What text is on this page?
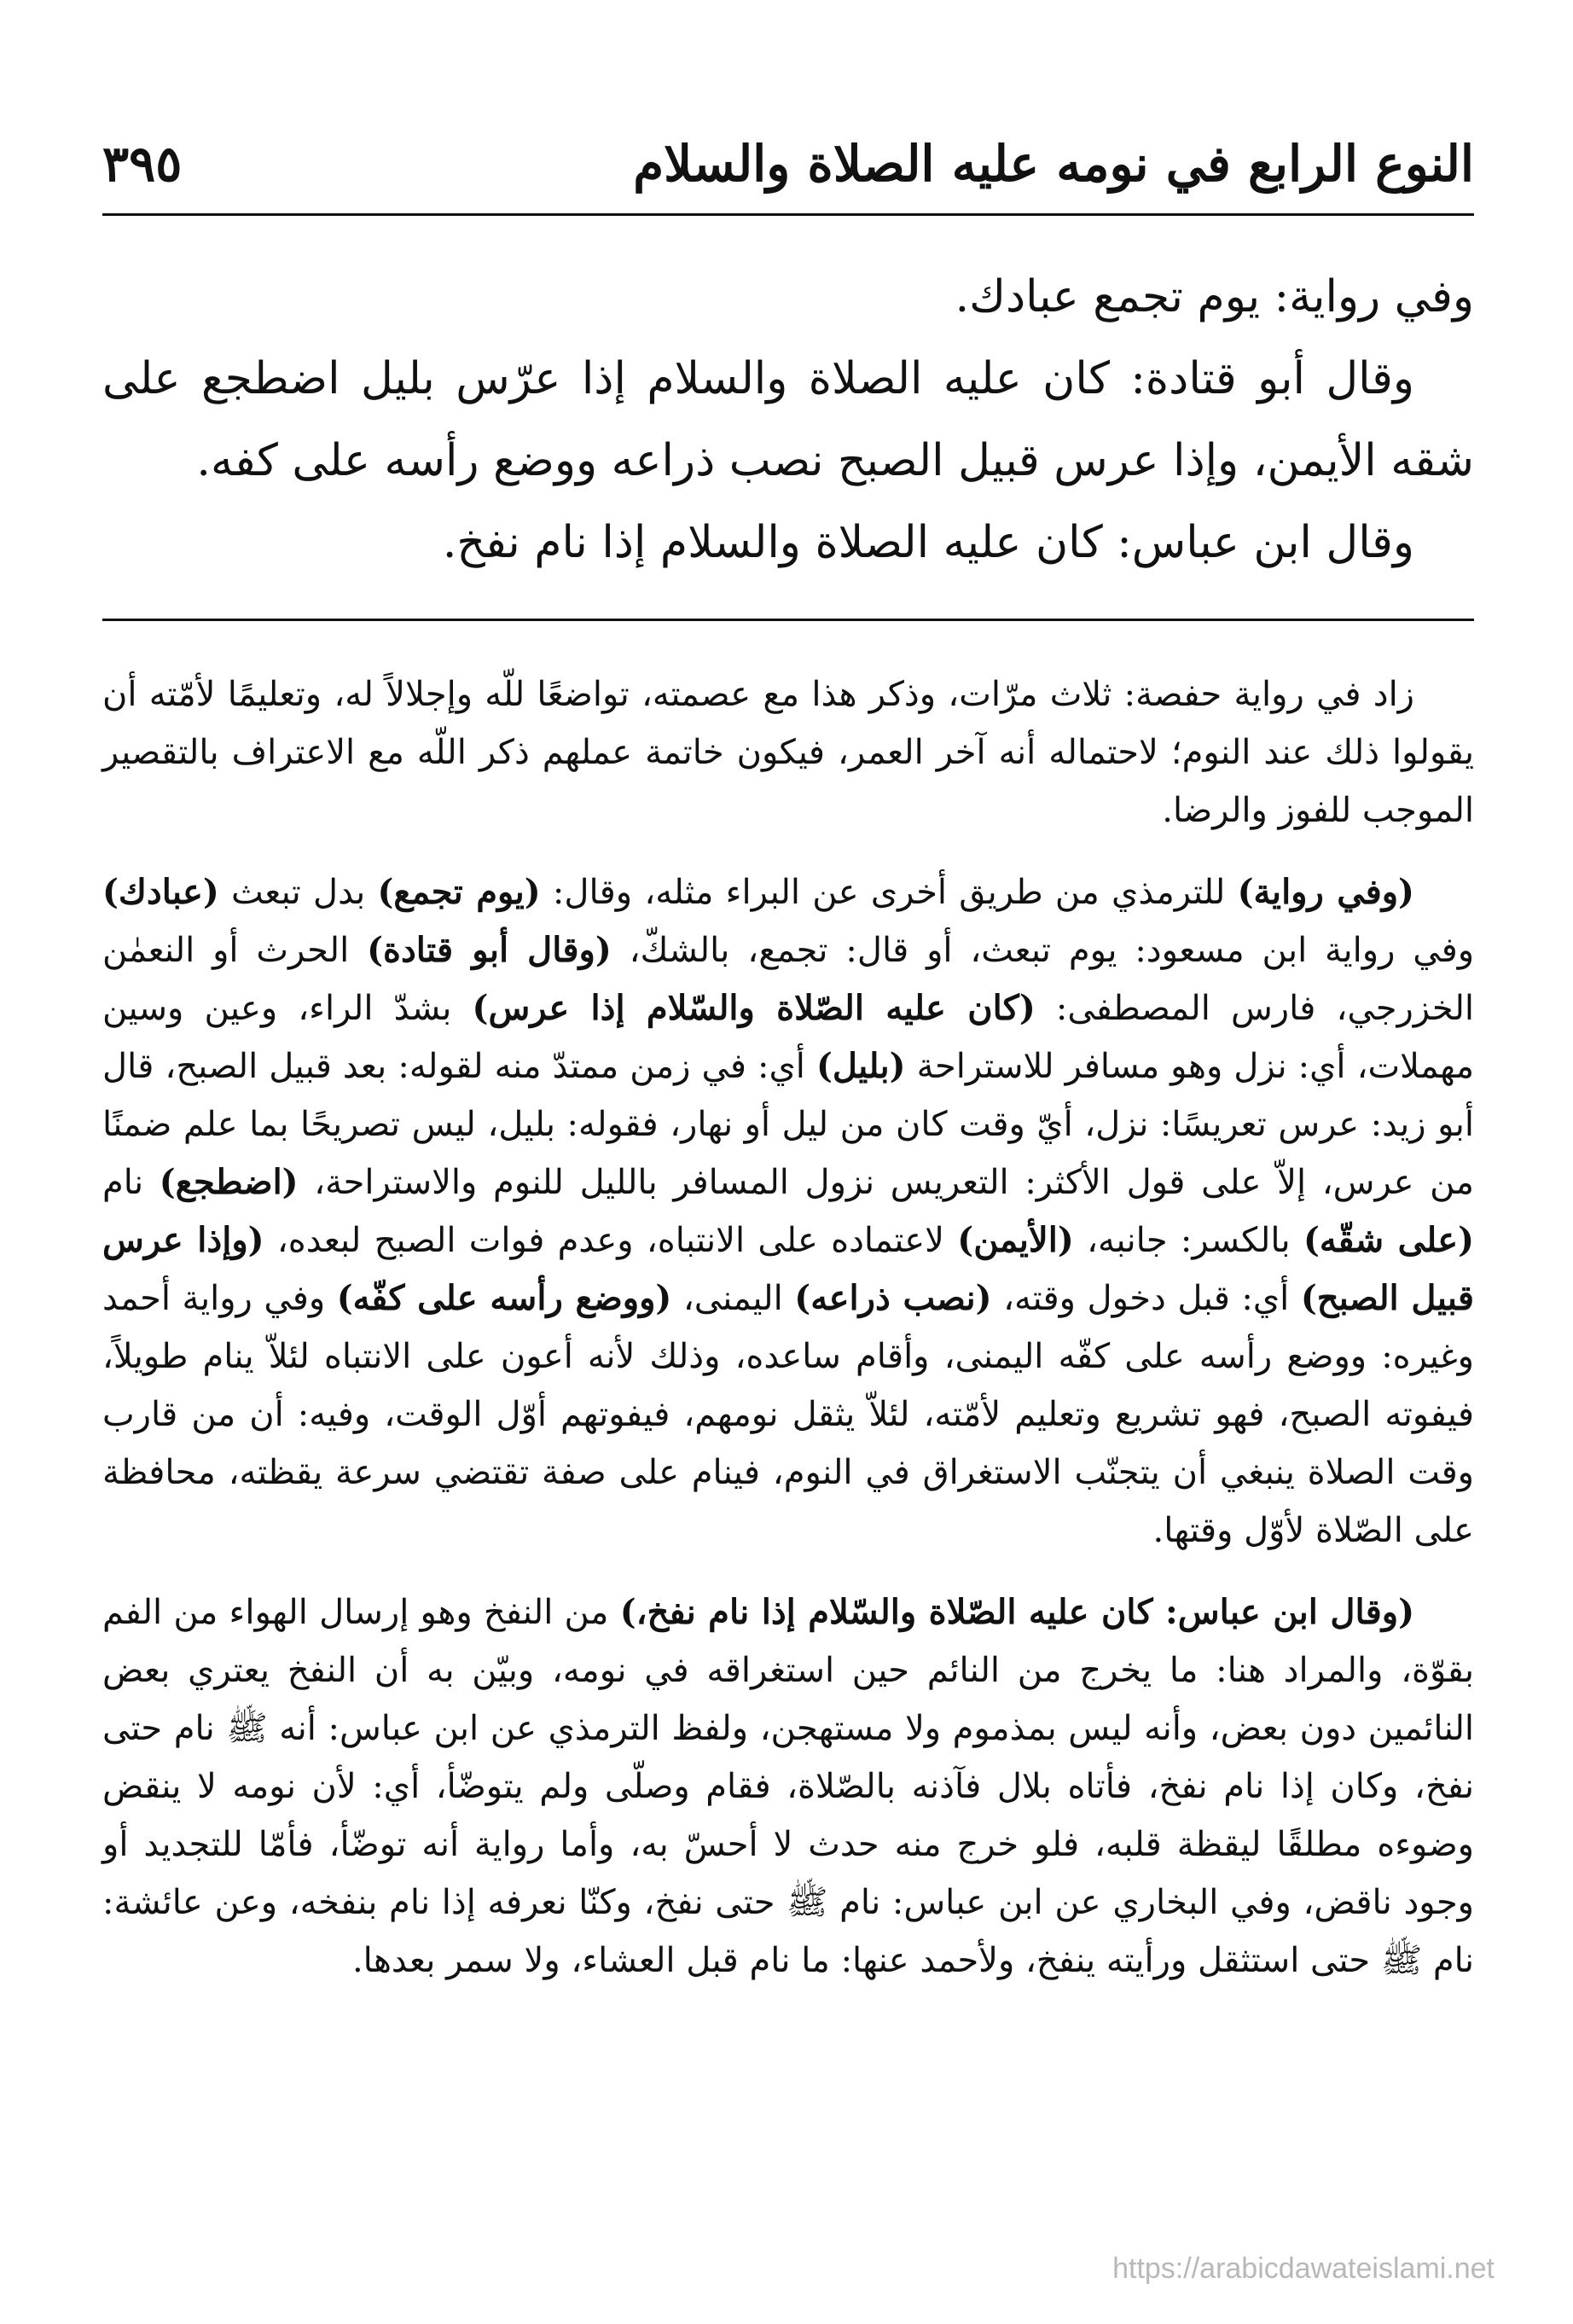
النوع الرابع في نومه عليه الصلاة والسلام
٣٩٥

وفي رواية: يوم تجمع عبادك.

وقال أبو قتادة: كان عليه الصلاة والسلام إذا عرّس بليل اضطجع على شقه الأيمن، وإذا عرس قبيل الصبح نصب ذراعه ووضع رأسه على كفه.

وقال ابن عباس: كان عليه الصلاة والسلام إذا نام نفخ.

زاد في رواية حفصة: ثلاث مرّات، وذكر هذا مع عصمته، تواضعًا للّه وإجلالاً له، وتعليمًا لأمّته أن يقولوا ذلك عند النوم؛ لاحتماله أنه آخر العمر، فيكون خاتمة عملهم ذكر اللّه مع الاعتراف بالتقصير الموجب للفوز والرضا.

(وفي رواية) للترمذي من طريق أخرى عن البراء مثله، وقال: (يوم تجمع) بدل تبعث (عبادك) وفي رواية ابن مسعود: يوم تبعث، أو قال: تجمع، بالشكّ، (وقال أبو قتادة) الحرث أو النعمٰن الخزرجي، فارس المصطفى: (كان عليه الصّلاة والسّلام إذا عرس) بشدّ الراء، وعين وسين مهملات، أي: نزل وهو مسافر للاستراحة (بليل) أي: في زمن ممتدّ منه لقوله: بعد قبيل الصبح، قال أبو زيد: عرس تعريسًا: نزل، أيّ وقت كان من ليل أو نهار، فقوله: بليل، ليس تصريحًا بما علم ضمنًا من عرس، إلاّ على قول الأكثر: التعريس نزول المسافر بالليل للنوم والاستراحة، (اضطجع) نام (على شقّه) بالكسر: جانبه، (الأيمن) لاعتماده على الانتباه، وعدم فوات الصبح لبعده، (وإذا عرس قبيل الصبح) أي: قبل دخول وقته، (نصب ذراعه) اليمنى، (ووضع رأسه على كفّه) وفي رواية أحمد وغيره: ووضع رأسه على كفّه اليمنى، وأقام ساعده، وذلك لأنه أعون على الانتباه لئلاّ ينام طويلاً، فيفوته الصبح، فهو تشريع وتعليم لأمّته، لئلاّ يثقل نومهم، فيفوتهم أوّل الوقت، وفيه: أن من قارب وقت الصلاة ينبغي أن يتجنّب الاستغراق في النوم، فينام على صفة تقتضي سرعة يقظته، محافظة على الصّلاة لأوّل وقتها.

(وقال ابن عباس: كان عليه الصّلاة والسّلام إذا نام نفخ،) من النفخ وهو إرسال الهواء من الفم بقوّة، والمراد هنا: ما يخرج من النائم حين استغراقه في نومه، وبيّن به أن النفخ يعتري بعض النائمين دون بعض، وأنه ليس بمذموم ولا مستهجن، ولفظ الترمذي عن ابن عباس: أنه ﷺ نام حتى نفخ، وكان إذا نام نفخ، فأتاه بلال فآذنه بالصّلاة، فقام وصلّى ولم يتوضّأ، أي: لأن نومه لا ينقض وضوءه مطلقًا ليقظة قلبه، فلو خرج منه حدث لا أحسّ به، وأما رواية أنه توضّأ، فأمّا للتجديد أو وجود ناقض، وفي البخاري عن ابن عباس: نام ﷺ حتى نفخ، وكنّا نعرفه إذا نام بنفخه، وعن عائشة: نام ﷺ حتى استثقل ورأيته ينفخ، ولأحمد عنها: ما نام قبل العشاء، ولا سمر بعدها.

https://arabicdawateislami.net
